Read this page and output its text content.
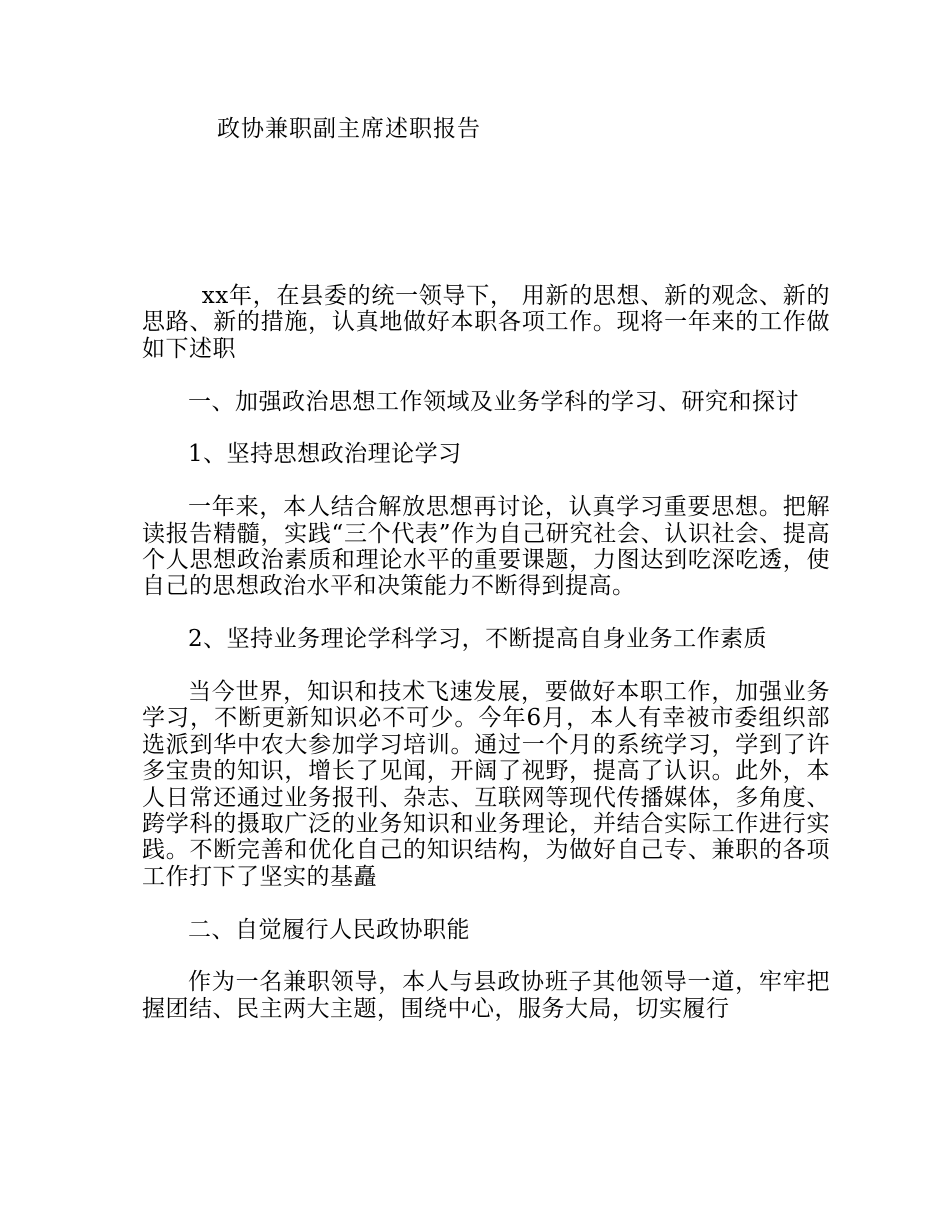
政协兼职副主席述职报告

xx年，在县委的统一领导下， 用新的思想、新的观念、新的思路、新的措施，认真地做好本职各项工作。现将一年来的工作做如下述职

一、加强政治思想工作领域及业务学科的学习、研究和探讨

1、坚持思想政治理论学习

一年来，本人结合解放思想再讨论，认真学习重要思想。把解读报告精髓，实践“三个代表”作为自己研究社会、认识社会、提高个人思想政治素质和理论水平的重要课题，力图达到吃深吃透，使自己的思想政治水平和决策能力不断得到提高。

2、坚持业务理论学科学习，不断提高自身业务工作素质

当今世界，知识和技术飞速发展，要做好本职工作，加强业务学习，不断更新知识必不可少。今年6月，本人有幸被市委组织部选派到华中农大参加学习培训。通过一个月的系统学习，学到了许多宝贵的知识，增长了见闻，开阔了视野，提高了认识。此外，本人日常还通过业务报刊、杂志、互联网等现代传播媒体，多角度、跨学科的摄取广泛的业务知识和业务理论，并结合实际工作进行实践。不断完善和优化自己的知识结构，为做好自己专、兼职的各项工作打下了坚实的基矗

二、自觉履行人民政协职能

作为一名兼职领导，本人与县政协班子其他领导一道，牢牢把握团结、民主两大主题，围绕中心，服务大局，切实履行
